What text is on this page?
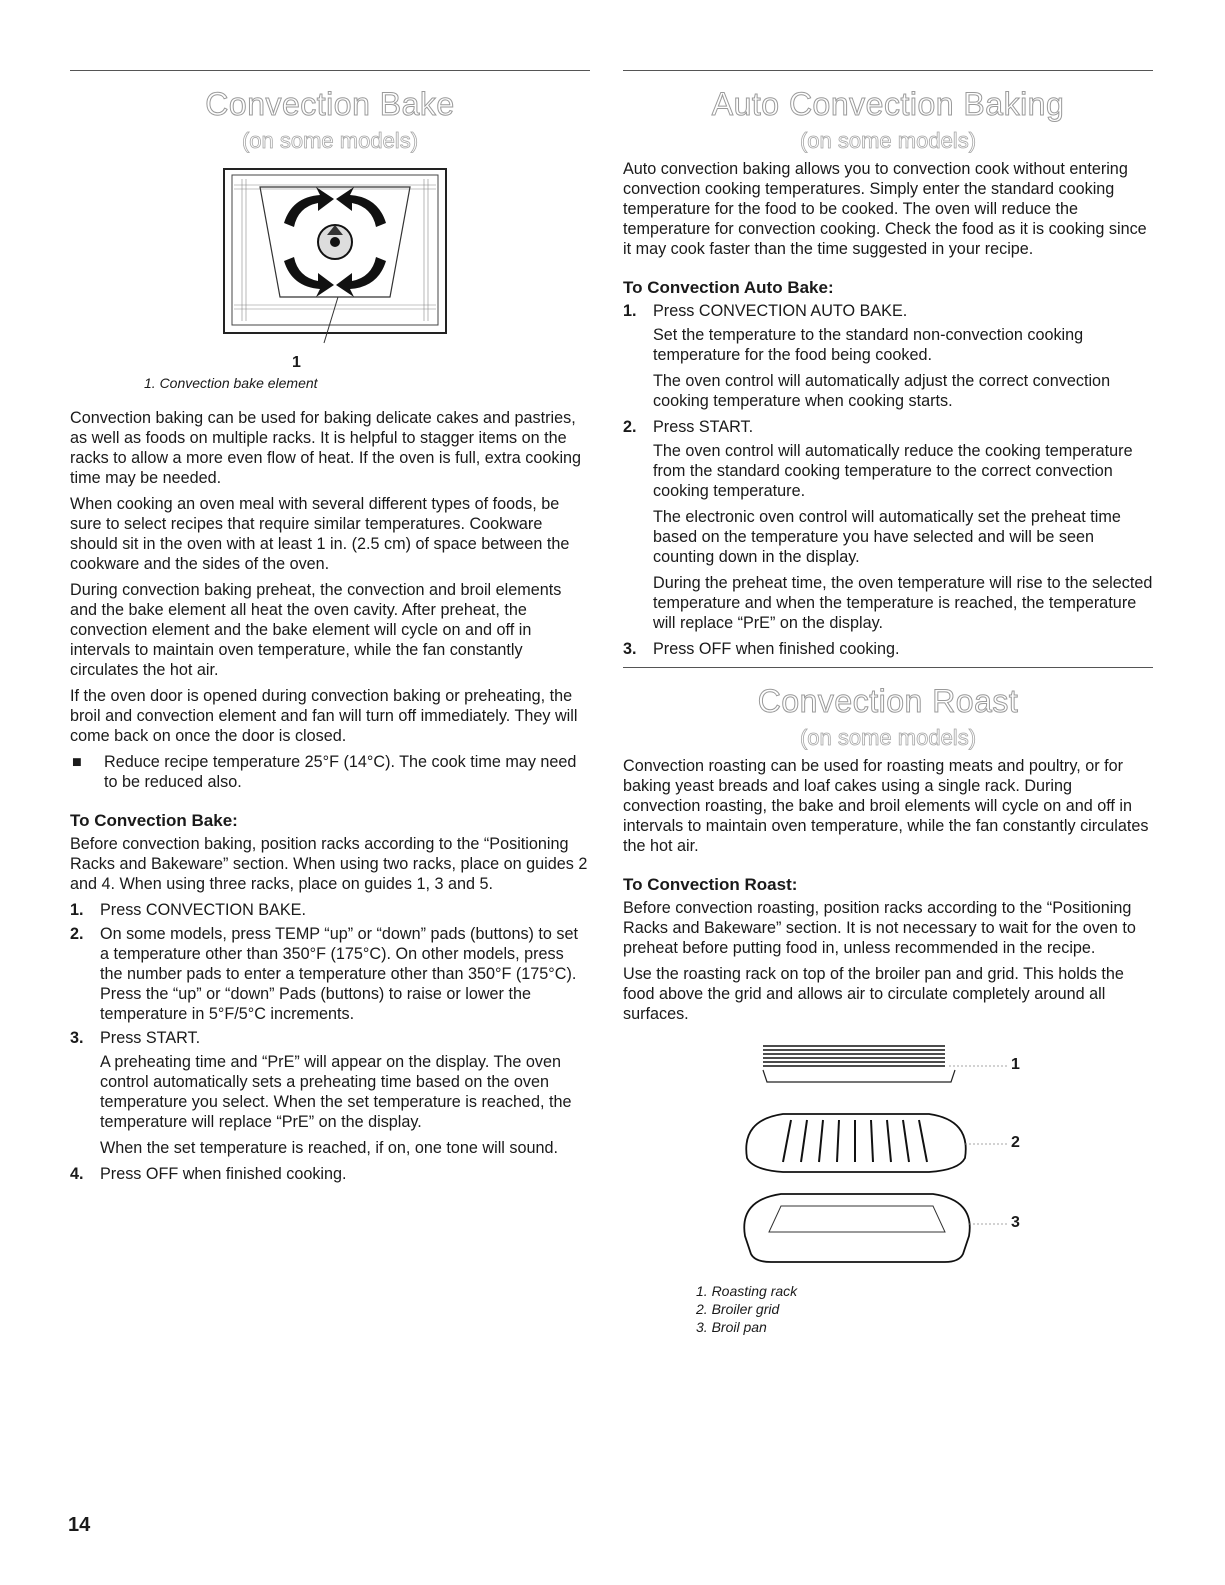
Convection Bake
(on some models)
1
1. Convection bake element

Convection baking can be used for baking delicate cakes and pastries, as well as foods on multiple racks. It is helpful to stagger items on the racks to allow a more even flow of heat. If the oven is full, extra cooking time may be needed.

When cooking an oven meal with several different types of foods, be sure to select recipes that require similar temperatures. Cookware should sit in the oven with at least 1 in. (2.5 cm) of space between the cookware and the sides of the oven.

During convection baking preheat, the convection and broil elements and the bake element all heat the oven cavity. After preheat, the convection element and the bake element will cycle on and off in intervals to maintain oven temperature, while the fan constantly circulates the hot air.

If the oven door is opened during convection baking or preheating, the broil and convection element and fan will turn off immediately. They will come back on once the door is closed.

■	Reduce recipe temperature 25°F (14°C). The cook time may need to be reduced also.
To Convection Bake:

Before convection baking, position racks according to the “Positioning Racks and Bakeware” section. When using two racks, place on guides 2 and 4. When using three racks, place on guides 1, 3 and 5.

1.	Press CONVECTION BAKE.
2.	On some models, press TEMP “up” or “down” pads (buttons) to set a temperature other than 350°F (175°C). On other models, press the number pads to enter a temperature other than 350°F (175°C). Press the “up” or “down” Pads (buttons) to raise or lower the temperature in 5°F/5°C increments.
3.	Press START.

A preheating time and “PrE” will appear on the display. The oven control automatically sets a preheating time based on the oven temperature you select. When the set temperature is reached, the temperature will replace “PrE” on the display.

When the set temperature is reached, if on, one tone will sound.

4.	Press OFF when finished cooking.
Auto Convection Baking
(on some models)

Auto convection baking allows you to convection cook without entering convection cooking temperatures. Simply enter the standard cooking temperature for the food to be cooked. The oven will reduce the temperature for convection cooking. Check the food as it is cooking since it may cook faster than the time suggested in your recipe.

To Convection Auto Bake:
1.	Press CONVECTION AUTO BAKE.

Set the temperature to the standard non-convection cooking temperature for the food being cooked.

The oven control will automatically adjust the correct convection cooking temperature when cooking starts.

2.	Press START.

The oven control will automatically reduce the cooking temperature from the standard cooking temperature to the correct convection cooking temperature.

The electronic oven control will automatically set the preheat time based on the temperature you have selected and will be seen counting down in the display.

During the preheat time, the oven temperature will rise to the selected temperature and when the temperature is reached, the temperature will replace “PrE” on the display.

3.	Press OFF when finished cooking.
Convection Roast
(on some models)

Convection roasting can be used for roasting meats and poultry, or for baking yeast breads and loaf cakes using a single rack. During convection roasting, the bake and broil elements will cycle on and off in intervals to maintain oven temperature, while the fan constantly circulates the hot air.

To Convection Roast:

Before convection roasting, position racks according to the “Positioning Racks and Bakeware” section. It is not necessary to wait for the oven to preheat before putting food in, unless recommended in the recipe.

Use the roasting rack on top of the broiler pan and grid. This holds the food above the grid and allows air to circulate completely around all surfaces.

1
2
3
1. Roasting rack
2. Broiler grid
3. Broil pan
14
